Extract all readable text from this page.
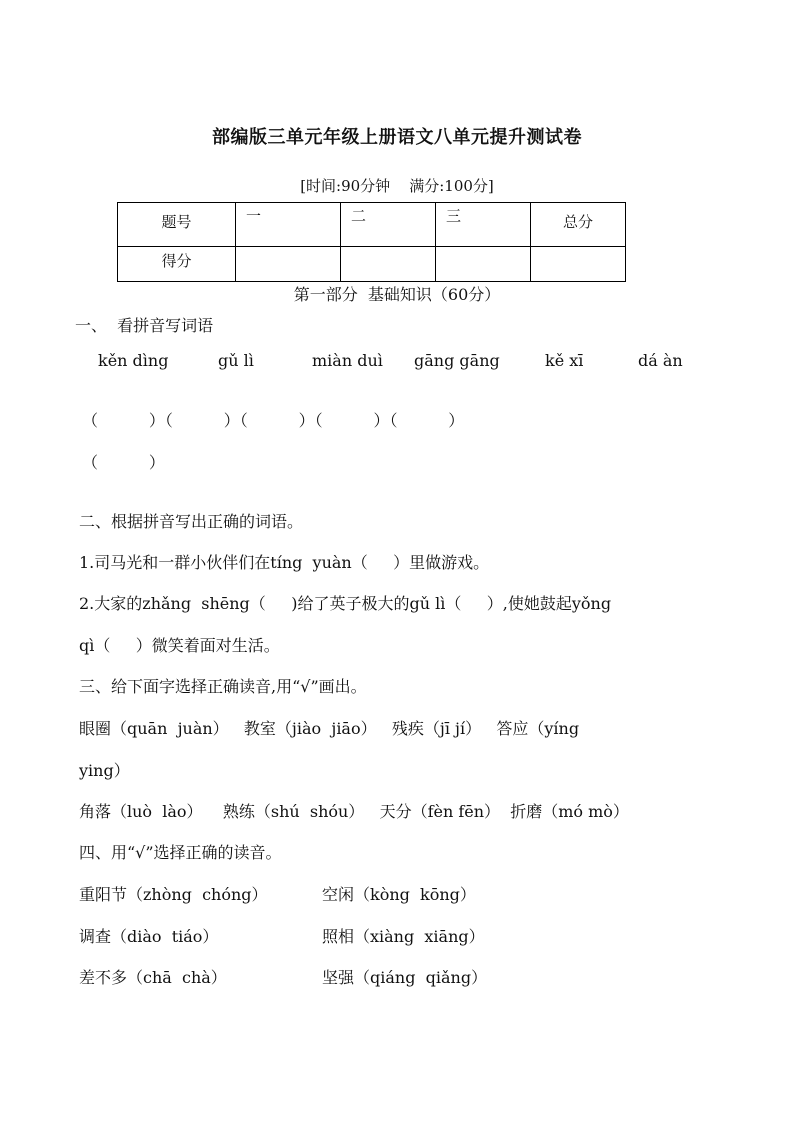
部编版三单元年级上册语文八单元提升测试卷
[时间:90分钟    满分:100分]
题号	一	二	三	总分
得分				
第一部分  基础知识（60分）
一、  看拼音写词语
kěn dìng	gǔ lì	miàn duì gāng gāng	kě xī	dá àn
（          ）（          ）（          ）（          ）（          ）
（          ）
二、根据拼音写出正确的词语。
1.司马光和一群小伙伴们在tíng  yuàn（     ）里做游戏。
2.大家的zhǎng  shēng（     )给了英子极大的gǔ lì（     ）,使她鼓起yǒng
qì（     ）微笑着面对生活。
三、给下面字选择正确读音,用“√”画出。
眼圈（quān  juàn）   教室（jiào  jiāo）   残疾（jī jí）   答应（yíng
ying）
角落（luò  lào）    熟练（shú  shóu）   天分（fèn fēn）  折磨（mó mò）
四、用“√”选择正确的读音。
重阳节（zhòng  chóng）	空闲（kòng  kōng）
调查（diào  tiáo）	照相（xiàng  xiāng）
差不多（chā  chà）	坚强（qiáng  qiǎng）
